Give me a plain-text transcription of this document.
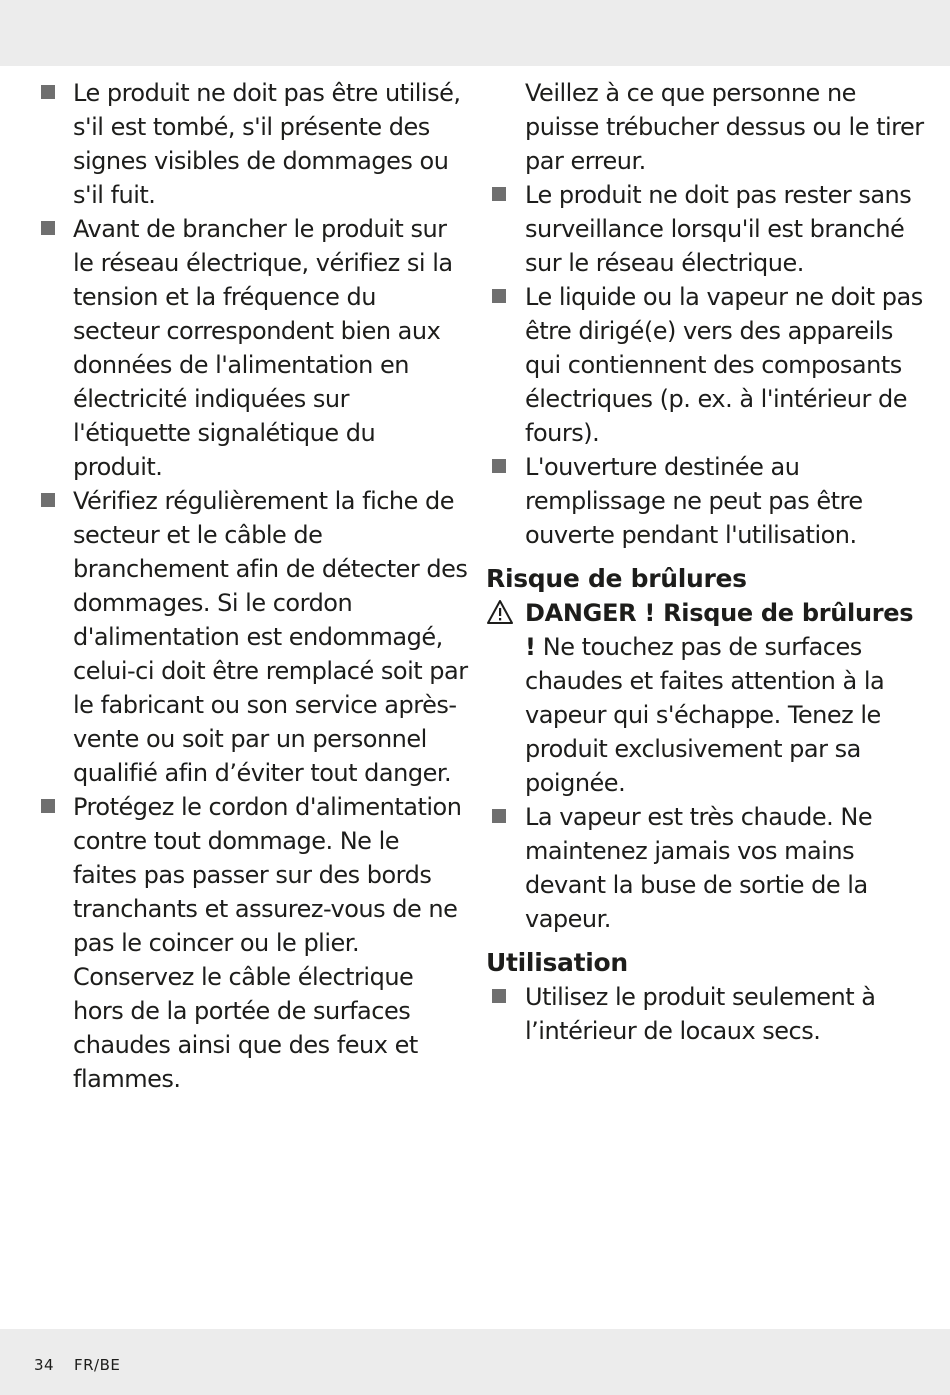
Le produit ne doit pas être utilisé, s'il est tombé, s'il présente des signes visibles de dommages ou s'il fuit.
Avant de brancher le produit sur le réseau électrique, vérifiez si la tension et la fréquence du secteur correspondent bien aux données de l'alimentation en électricité indiquées sur l'étiquette signalétique du produit.
Vérifiez régulièrement la fiche de secteur et le câble de branchement afin de détecter des dommages. Si le cordon d'alimentation est endommagé, celui-ci doit être remplacé soit par le fabricant ou son service après-vente ou soit par un personnel qualifié afin d’éviter tout danger.
Protégez le cordon d'alimentation contre tout dommage. Ne le faites pas passer sur des bords tranchants et assurez-vous de ne pas le coincer ou le plier. Conservez le câble électrique hors de la portée de surfaces chaudes ainsi que des feux et flammes.
Veillez à ce que personne ne puisse trébucher dessus ou le tirer par erreur.
Le produit ne doit pas rester sans surveillance lorsqu'il est branché sur le réseau électrique.
Le liquide ou la vapeur ne doit pas être dirigé(e) vers des appareils qui contiennent des composants électriques (p. ex. à l'intérieur de fours).
L'ouverture destinée au remplissage ne peut pas être ouverte pendant l'utilisation.
Risque de brûlures
DANGER ! Risque de brûlures ! Ne touchez pas de surfaces chaudes et faites attention à la vapeur qui s'échappe. Tenez le produit exclusivement par sa poignée.
La vapeur est très chaude. Ne maintenez jamais vos mains devant la buse de sortie de la vapeur.
Utilisation
Utilisez le produit seulement à l’intérieur de locaux secs.
34 FR/BE
